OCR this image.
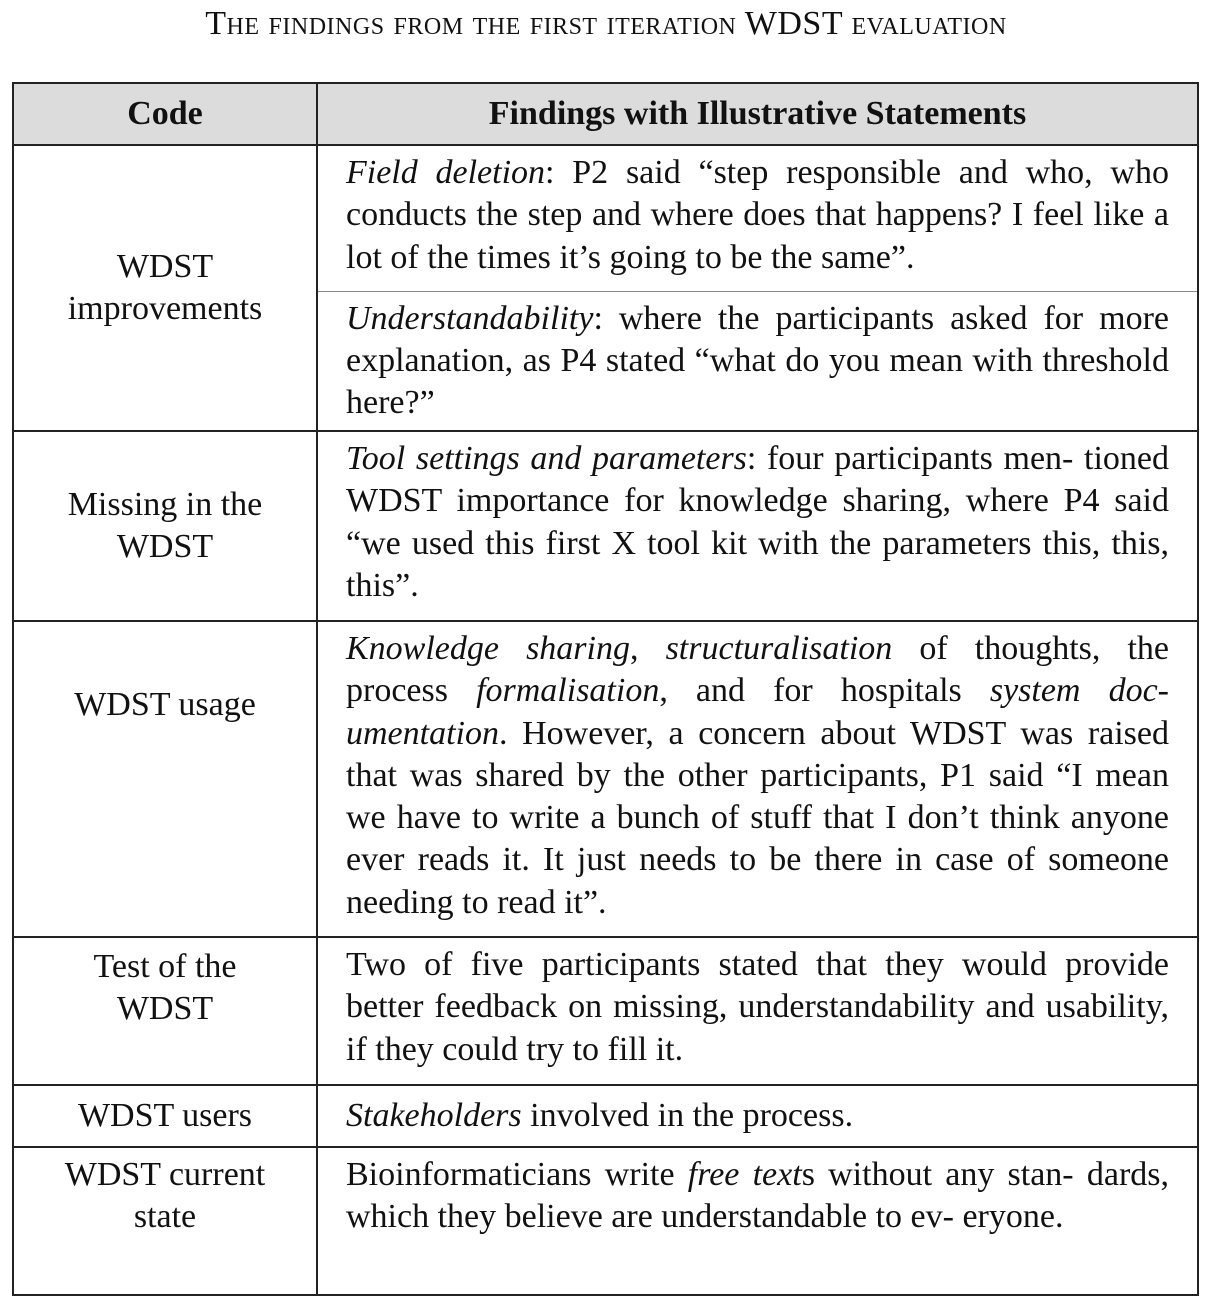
The findings from the first iteration WDST evaluation
Code	Findings with Illustrative Statements
WDST
improvements	Field deletion: P2 said “step responsible and who, who conducts the step and where does that happens? I feel like a lot of the times it’s going to be the same”.
	Understandability: where the participants asked for more explanation, as P4 stated “what do you mean with threshold here?”
Missing in the
WDST	Tool settings and parameters: four participants men- tioned WDST importance for knowledge sharing, where P4 said “we used this first X tool kit with the parameters this, this, this”.
WDST usage	Knowledge sharing, structuralisation of thoughts, the process formalisation, and for hospitals system doc- umentation. However, a concern about WDST was raised that was shared by the other participants, P1 said “I mean we have to write a bunch of stuff that I don’t think anyone ever reads it. It just needs to be there in case of someone needing to read it”.
Test of the
WDST	Two of five participants stated that they would provide better feedback on missing, understandability and usability, if they could try to fill it.
WDST users	Stakeholders involved in the process.
WDST current
state	Bioinformaticians write free texts without any stan- dards, which they believe are understandable to ev- eryone.
